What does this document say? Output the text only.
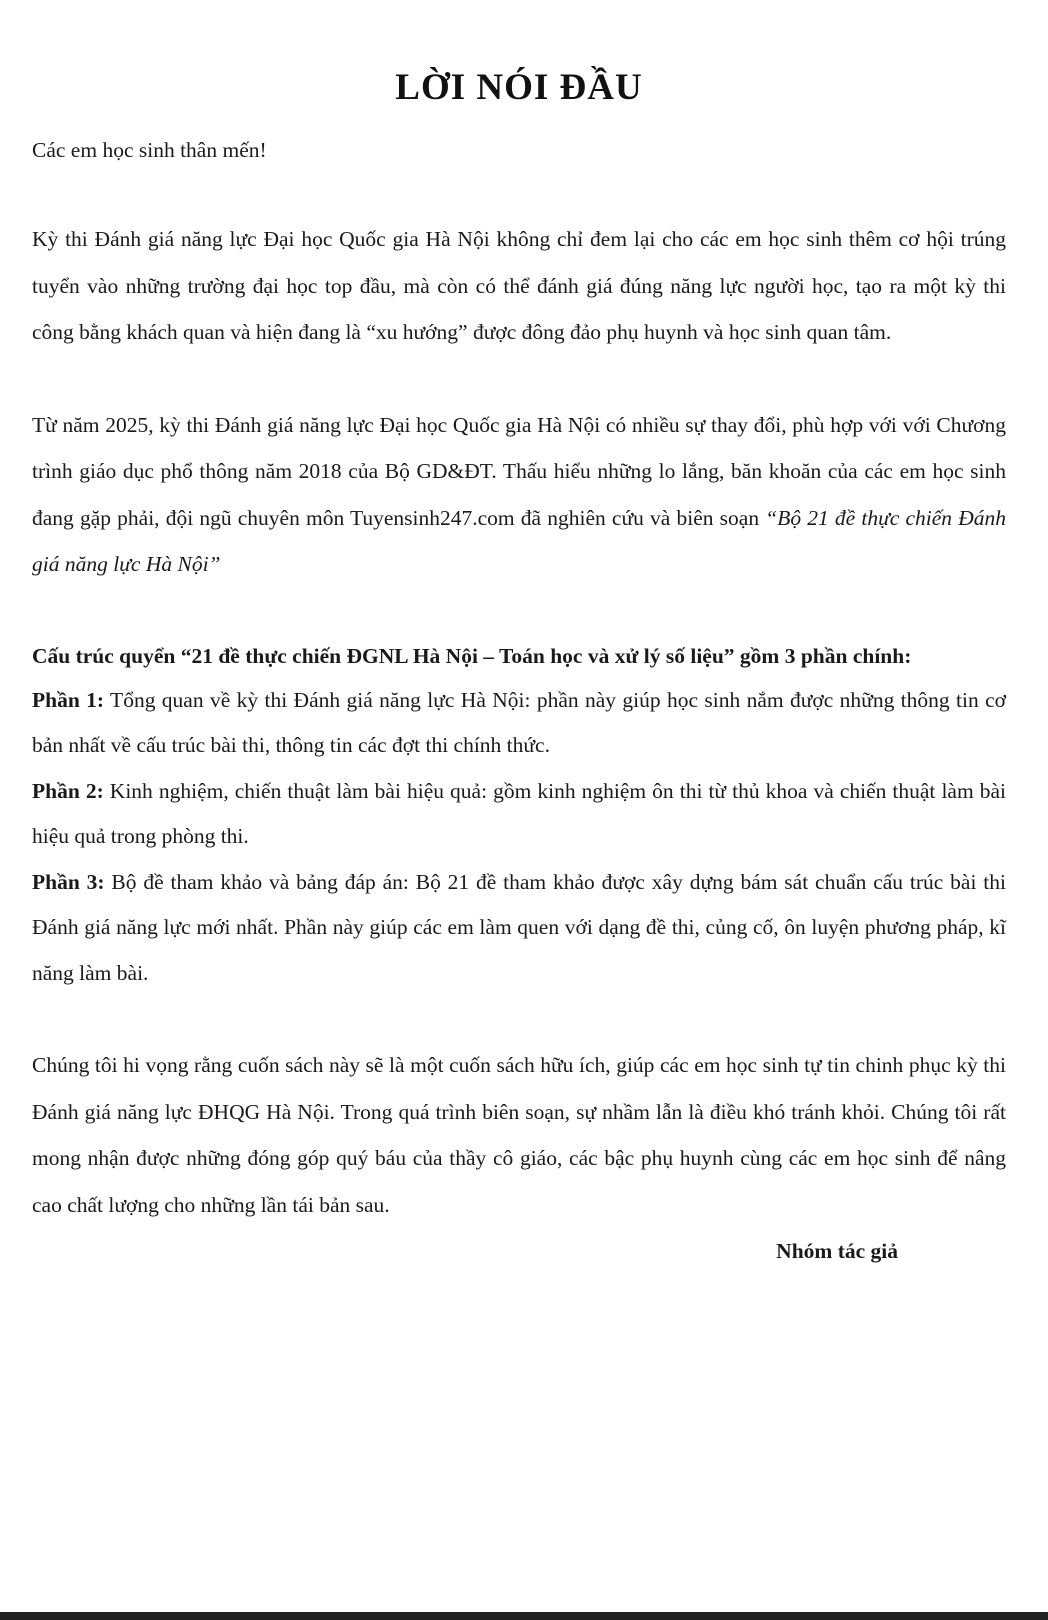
LỜI NÓI ĐẦU

Các em học sinh thân mến!

Kỳ thi Đánh giá năng lực Đại học Quốc gia Hà Nội không chỉ đem lại cho các em học sinh thêm cơ hội trúng tuyển vào những trường đại học top đầu, mà còn có thể đánh giá đúng năng lực người học, tạo ra một kỳ thi công bằng khách quan và hiện đang là “xu hướng” được đông đảo phụ huynh và học sinh quan tâm.

Từ năm 2025, kỳ thi Đánh giá năng lực Đại học Quốc gia Hà Nội có nhiều sự thay đổi, phù hợp với với Chương trình giáo dục phổ thông năm 2018 của Bộ GD&ĐT. Thấu hiểu những lo lắng, băn khoăn của các em học sinh đang gặp phải, đội ngũ chuyên môn Tuyensinh247.com đã nghiên cứu và biên soạn “Bộ 21 đề thực chiến Đánh giá năng lực Hà Nội”

Cấu trúc quyển “21 đề thực chiến ĐGNL Hà Nội – Toán học và xử lý số liệu” gồm 3 phần chính:

Phần 1: Tổng quan về kỳ thi Đánh giá năng lực Hà Nội: phần này giúp học sinh nắm được những thông tin cơ bản nhất về cấu trúc bài thi, thông tin các đợt thi chính thức.

Phần 2: Kinh nghiệm, chiến thuật làm bài hiệu quả: gồm kinh nghiệm ôn thi từ thủ khoa và chiến thuật làm bài hiệu quả trong phòng thi.

Phần 3: Bộ đề tham khảo và bảng đáp án: Bộ 21 đề tham khảo được xây dựng bám sát chuẩn cấu trúc bài thi Đánh giá năng lực mới nhất. Phần này giúp các em làm quen với dạng đề thi, củng cố, ôn luyện phương pháp, kĩ năng làm bài.

Chúng tôi hi vọng rằng cuốn sách này sẽ là một cuốn sách hữu ích, giúp các em học sinh tự tin chinh phục kỳ thi Đánh giá năng lực ĐHQG Hà Nội. Trong quá trình biên soạn, sự nhầm lẫn là điều khó tránh khỏi. Chúng tôi rất mong nhận được những đóng góp quý báu của thầy cô giáo, các bậc phụ huynh cùng các em học sinh để nâng cao chất lượng cho những lần tái bản sau.

Nhóm tác giả
